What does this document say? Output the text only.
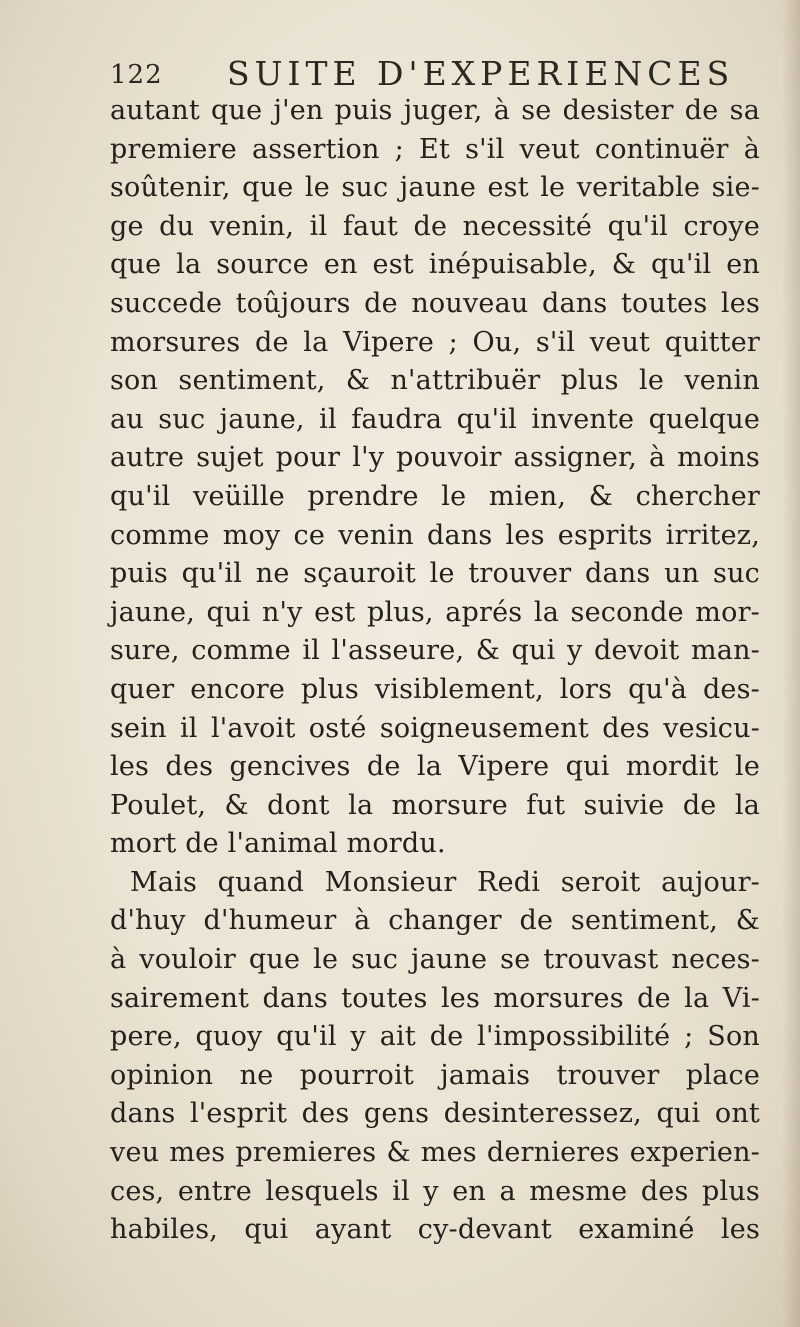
122 SUITE D'EXPERIENCES
autant que j'en puis juger, à se desister de sa
premiere assertion ; Et s'il veut continuër à
soûtenir, que le suc jaune est le veritable sie-
ge du venin, il faut de necessité qu'il croye
que la source en est inépuisable, & qu'il en
succede toûjours de nouveau dans toutes les
morsures de la Vipere ; Ou, s'il veut quitter
son sentiment, & n'attribuër plus le venin
au suc jaune, il faudra qu'il invente quelque
autre sujet pour l'y pouvoir assigner, à moins
qu'il veüille prendre le mien, & chercher
comme moy ce venin dans les esprits irritez,
puis qu'il ne sçauroit le trouver dans un suc
jaune, qui n'y est plus, aprés la seconde mor-
sure, comme il l'asseure, & qui y devoit man-
quer encore plus visiblement, lors qu'à des-
sein il l'avoit osté soigneusement des vesicu-
les des gencives de la Vipere qui mordit le
Poulet, & dont la morsure fut suivie de la
mort de l'animal mordu.
Mais quand Monsieur Redi seroit aujour-
d'huy d'humeur à changer de sentiment, &
à vouloir que le suc jaune se trouvast neces-
sairement dans toutes les morsures de la Vi-
pere, quoy qu'il y ait de l'impossibilité ; Son
opinion ne pourroit jamais trouver place
dans l'esprit des gens desinteressez, qui ont
veu mes premieres & mes dernieres experien-
ces, entre lesquels il y en a mesme des plus
habiles, qui ayant cy-devant examiné les
